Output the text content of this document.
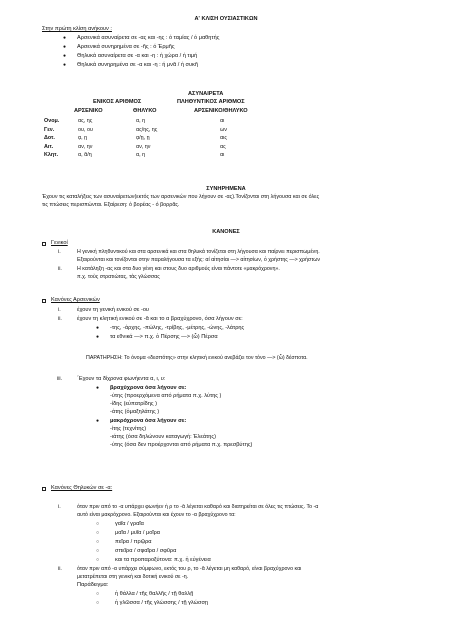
Α' ΚΛΙΣΗ ΟΥΣΙΑΣΤΙΚΩΝ
Στην πρώτη κλίση ανήκουν :
● Αρσενικά ασυναίρετα σε -ας και -ης : ό ταμίας / ό μαθητής
● Αρσενικά συνηρημένα σε -ῆς : ό Έρμῆς
● Θηλυκά ασυναίρετα σε -α και -η : ή χώρα / ή τιμή
● Θηλυκά συνηρημένα σε -α και -η : ή μνᾶ / ή συκῆ
ΑΣΥΝΑΙΡΕΤΑ
ΕΝΙΚΟΣ ΑΡΙΘΜΟΣ	ΠΛΗΘΥΝΤΙΚΟΣ ΑΡΙΘΜΟΣ
ΑΡΣΕΝΙΚΟ	ΘΗΛΥΚΟ	ΑΡΣΕΝΙΚΟ/ΘΗΛΥΚΟ
Ονομ.	ας, ης	α, η	αι
Γεν.	ου, ου	ας/ης, ης	ων
Δοτ.	ᾳ, ῃ	ᾳ/ῃ, ῃ	αις
Αιτ.	αν, ην	αν, ην	ας
Κλητ.	α, ᾶ/η	α, η	αι
ΣΥΝΗΡΗΜΕΝΑ
Έχουν τις καταλήξεις των ασυναίρετων(εκτός των αρσενικών που λήγουν σε -ας).Τονίζονται στη λήγουσα και σε όλες
τις πτώσεις περισπώνται. Εξαίρεση: ό βορέας - ό βορρᾶς.
ΚΑΝΟΝΕΣ
Γενικοί
i.	Η γενική πληθυντικού και στα αρσενικά και στα θηλυκά τονίζεται στη λήγουσα και παίρνει περισπωμένη.
Εξαιρούνται και τονίζονται στην παραλήγουσα τα εξής: αί αἰτησίαι —> αἰτησίων, ὁ χρήστης —> χρήστων
ii.	Η κατάληξη -ας και στα δυο γένη και στους δυο αριθμούς είναι πάντοτε «μακρόχρονη».
π.χ. τοὺς στρατιώτας, τὰς γλώσσας
Κανόνες Αρσενικών
i.	έχουν τη γενική ενικού σε -ου
ii.	έχουν τη κλητική ενικού σε -ᾰ και το α βραχύχρονο, όσα λήγουν σε:
● -της, -άρχης, -πώλης, -τρίβης, -μέτρης, -ώνης, -λάτρης
● τα εθνικά —> π.χ. ὁ Πέρσης —> (ὦ) Πέρσα
ΠΑΡΑΤΗΡΗΣΗ: Το όνομα «δεσπότης» στην κλητική ενικού ανεβάζει τον τόνο —> (ὦ) δέσποτα.
iii.	΄Εχουν τα δίχρονα φωνήεντα α, ι, υ:
● βραχύχρονα όσα λήγουν σε:
-ύτης (προερχόμενα από ρήματα π.χ. λύτης )
-ίδης (εὐπατρίδης )
-άτης (ὀμαξηλάτης )
● μακρόχρονα όσα λήγουν σε:
-ίτης (τεχνίτης)
-ιάτης (όσα δηλώνουν καταγωγή: Ἐλεάτης)
-ύτης (όσα δεν προέρχονται από ρήματα π.χ. πρεσβύτης)
Κανόνες Θηλυκών σε -α:
i.	όταν πριν από το -α υπάρχει φωνήεν ή ρ το -ᾱ λέγεται καθαρό και διατηρείται σε όλες τις πτώσεις. Το -α
αυτό είναι μακρόχρονο. Εξαιρούνται και έχουν το -α βραχύχρονο τα:
○	γαῖα / γραῖα
○	μαῖα / μυῖα / μοῖρα
○	πεῖρα / πρῷρα
○	σπεῖρα / σφαῖρα / σφῦρα
○	και τα προπαροξύτονα: π.χ. ἡ εὐγένεια
ii.	όταν πριν από -α υπάρχει σύμφωνο, εκτός του ρ, το -ᾰ λέγεται μη καθαρό, είναι βραχύχρονο και
μετατρέπεται στη γενική και δοτική ενικού σε -η.
Παράδειγμα:
○	ἡ θάλλα / τῆς θαλλῆς / τῇ θαλλῇ
○	ἡ γλῶσσα / τῆς γλώσσης / τῇ γλώσσῃ
